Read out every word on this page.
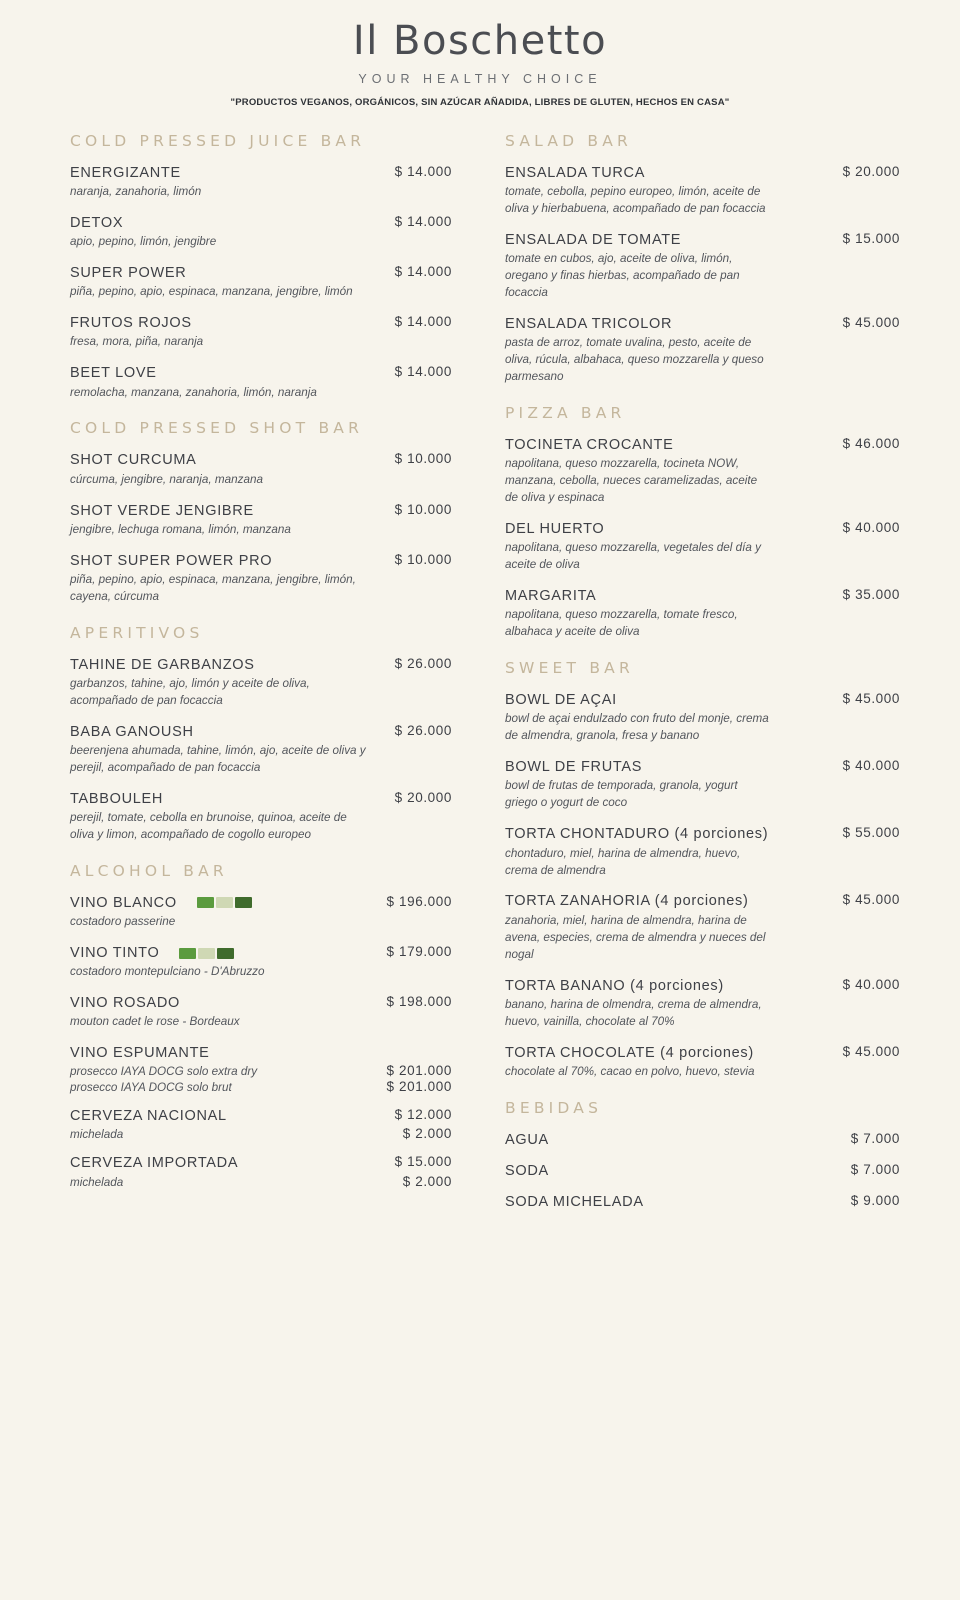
Il Boschetto
YOUR HEALTHY CHOICE
"PRODUCTOS VEGANOS, ORGÁNICOS, SIN AZÚCAR AÑADIDA, LIBRES DE GLUTEN, HECHOS EN CASA"
COLD PRESSED JUICE BAR
ENERGIZANTE	$ 14.000
naranja, zanahoria, limón
DETOX	$ 14.000
apio, pepino, limón, jengibre
SUPER POWER	$ 14.000
piña, pepino, apio, espinaca, manzana, jengibre, limón
FRUTOS ROJOS	$ 14.000
fresa, mora, piña, naranja
BEET LOVE	$ 14.000
remolacha, manzana, zanahoria, limón, naranja
COLD PRESSED SHOT BAR
SHOT CURCUMA	$ 10.000
cúrcuma, jengibre, naranja, manzana
SHOT VERDE JENGIBRE	$ 10.000
jengibre, lechuga romana, limón, manzana
SHOT SUPER POWER PRO	$ 10.000
piña, pepino, apio, espinaca, manzana, jengibre, limón, cayena, cúrcuma
APERITIVOS
TAHINE DE GARBANZOS	$ 26.000
garbanzos, tahine, ajo, limón y aceite de oliva, acompañado de pan focaccia
BABA GANOUSH	$ 26.000
beerenjena ahumada, tahine, limón, ajo, aceite de oliva y perejil, acompañado de pan focaccia
TABBOULEH	$ 20.000
perejil, tomate, cebolla en brunoise, quinoa, aceite de oliva y limon, acompañado de cogollo europeo
ALCOHOL BAR
VINO BLANCO	$ 196.000
costadoro passerine
VINO TINTO	$ 179.000
costadoro montepulciano - D'Abruzzo
VINO ROSADO	$ 198.000
mouton cadet le rose - Bordeaux
VINO ESPUMANTE
prosecco IAYA DOCG solo extra dry	$ 201.000
prosecco IAYA DOCG solo brut	$ 201.000
CERVEZA NACIONAL	$ 12.000
michelada	$ 2.000
CERVEZA IMPORTADA	$ 15.000
michelada	$ 2.000
SALAD BAR
ENSALADA TURCA	$ 20.000
tomate, cebolla, pepino europeo, limón, aceite de oliva y hierbabuena, acompañado de pan focaccia
ENSALADA DE TOMATE	$ 15.000
tomate en cubos, ajo, aceite de oliva, limón, oregano y finas hierbas, acompañado de pan focaccia
ENSALADA TRICOLOR	$ 45.000
pasta de arroz, tomate uvalina, pesto, aceite de oliva, rúcula, albahaca, queso mozzarella y queso parmesano
PIZZA BAR
TOCINETA CROCANTE	$ 46.000
napolitana, queso mozzarella, tocineta NOW, manzana, cebolla, nueces caramelizadas, aceite de oliva y espinaca
DEL HUERTO	$ 40.000
napolitana, queso mozzarella, vegetales del día y aceite de oliva
MARGARITA	$ 35.000
napolitana, queso mozzarella, tomate fresco, albahaca y aceite de oliva
SWEET BAR
BOWL DE AÇAI	$ 45.000
bowl de açai endulzado con fruto del monje, crema de almendra, granola, fresa y banano
BOWL DE FRUTAS	$ 40.000
bowl de frutas de temporada, granola, yogurt griego o yogurt de coco
TORTA CHONTADURO (4 porciones)	$ 55.000
chontaduro, miel, harina de almendra, huevo, crema de almendra
TORTA ZANAHORIA (4 porciones)	$ 45.000
zanahoria, miel, harina de almendra, harina de avena, especies, crema de almendra y nueces del nogal
TORTA BANANO (4 porciones)	$ 40.000
banano, harina de olmendra, crema de almendra, huevo, vainilla, chocolate al 70%
TORTA CHOCOLATE (4 porciones)	$ 45.000
chocolate al 70%, cacao en polvo, huevo, stevia
BEBIDAS
AGUA	$ 7.000
SODA	$ 7.000
SODA MICHELADA	$ 9.000
